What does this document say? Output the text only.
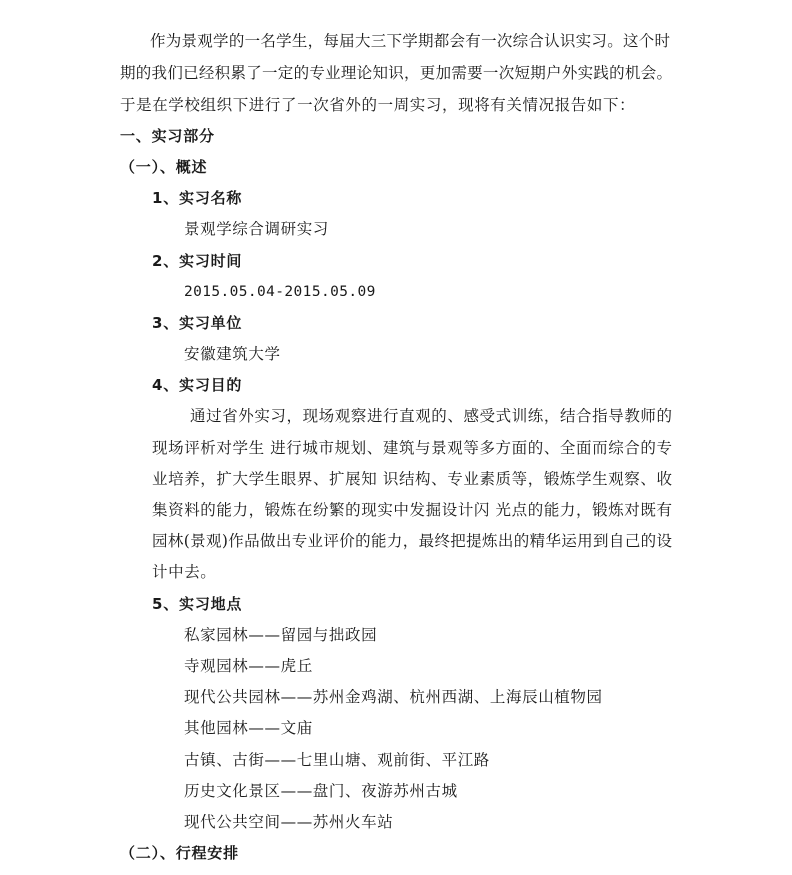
作为景观学的一名学生，每届大三下学期都会有一次综合认识实习。这个时
期的我们已经积累了一定的专业理论知识，更加需要一次短期户外实践的机会。
于是在学校组织下进行了一次省外的一周实习，现将有关情况报告如下：
一、实习部分
（一）、概述
1、实习名称
景观学综合调研实习
2、实习时间
2015.05.04-2015.05.09
3、实习单位
安徽建筑大学
4、实习目的
通过省外实习，现场观察进行直观的、感受式训练，结合指导教师的
现场评析对学生 进行城市规划、建筑与景观等多方面的、全面而综合的专
业培养，扩大学生眼界、扩展知 识结构、专业素质等，锻炼学生观察、收
集资料的能力，锻炼在纷繁的现实中发掘设计闪 光点的能力，锻炼对既有
园林(景观)作品做出专业评价的能力，最终把提炼出的精华运用到自己的设
计中去。
5、实习地点
私家园林——留园与拙政园
寺观园林——虎丘
现代公共园林——苏州金鸡湖、杭州西湖、上海辰山植物园
其他园林——文庙
古镇、古街——七里山塘、观前街、平江路
历史文化景区——盘门、夜游苏州古城
现代公共空间——苏州火车站
（二）、行程安排
